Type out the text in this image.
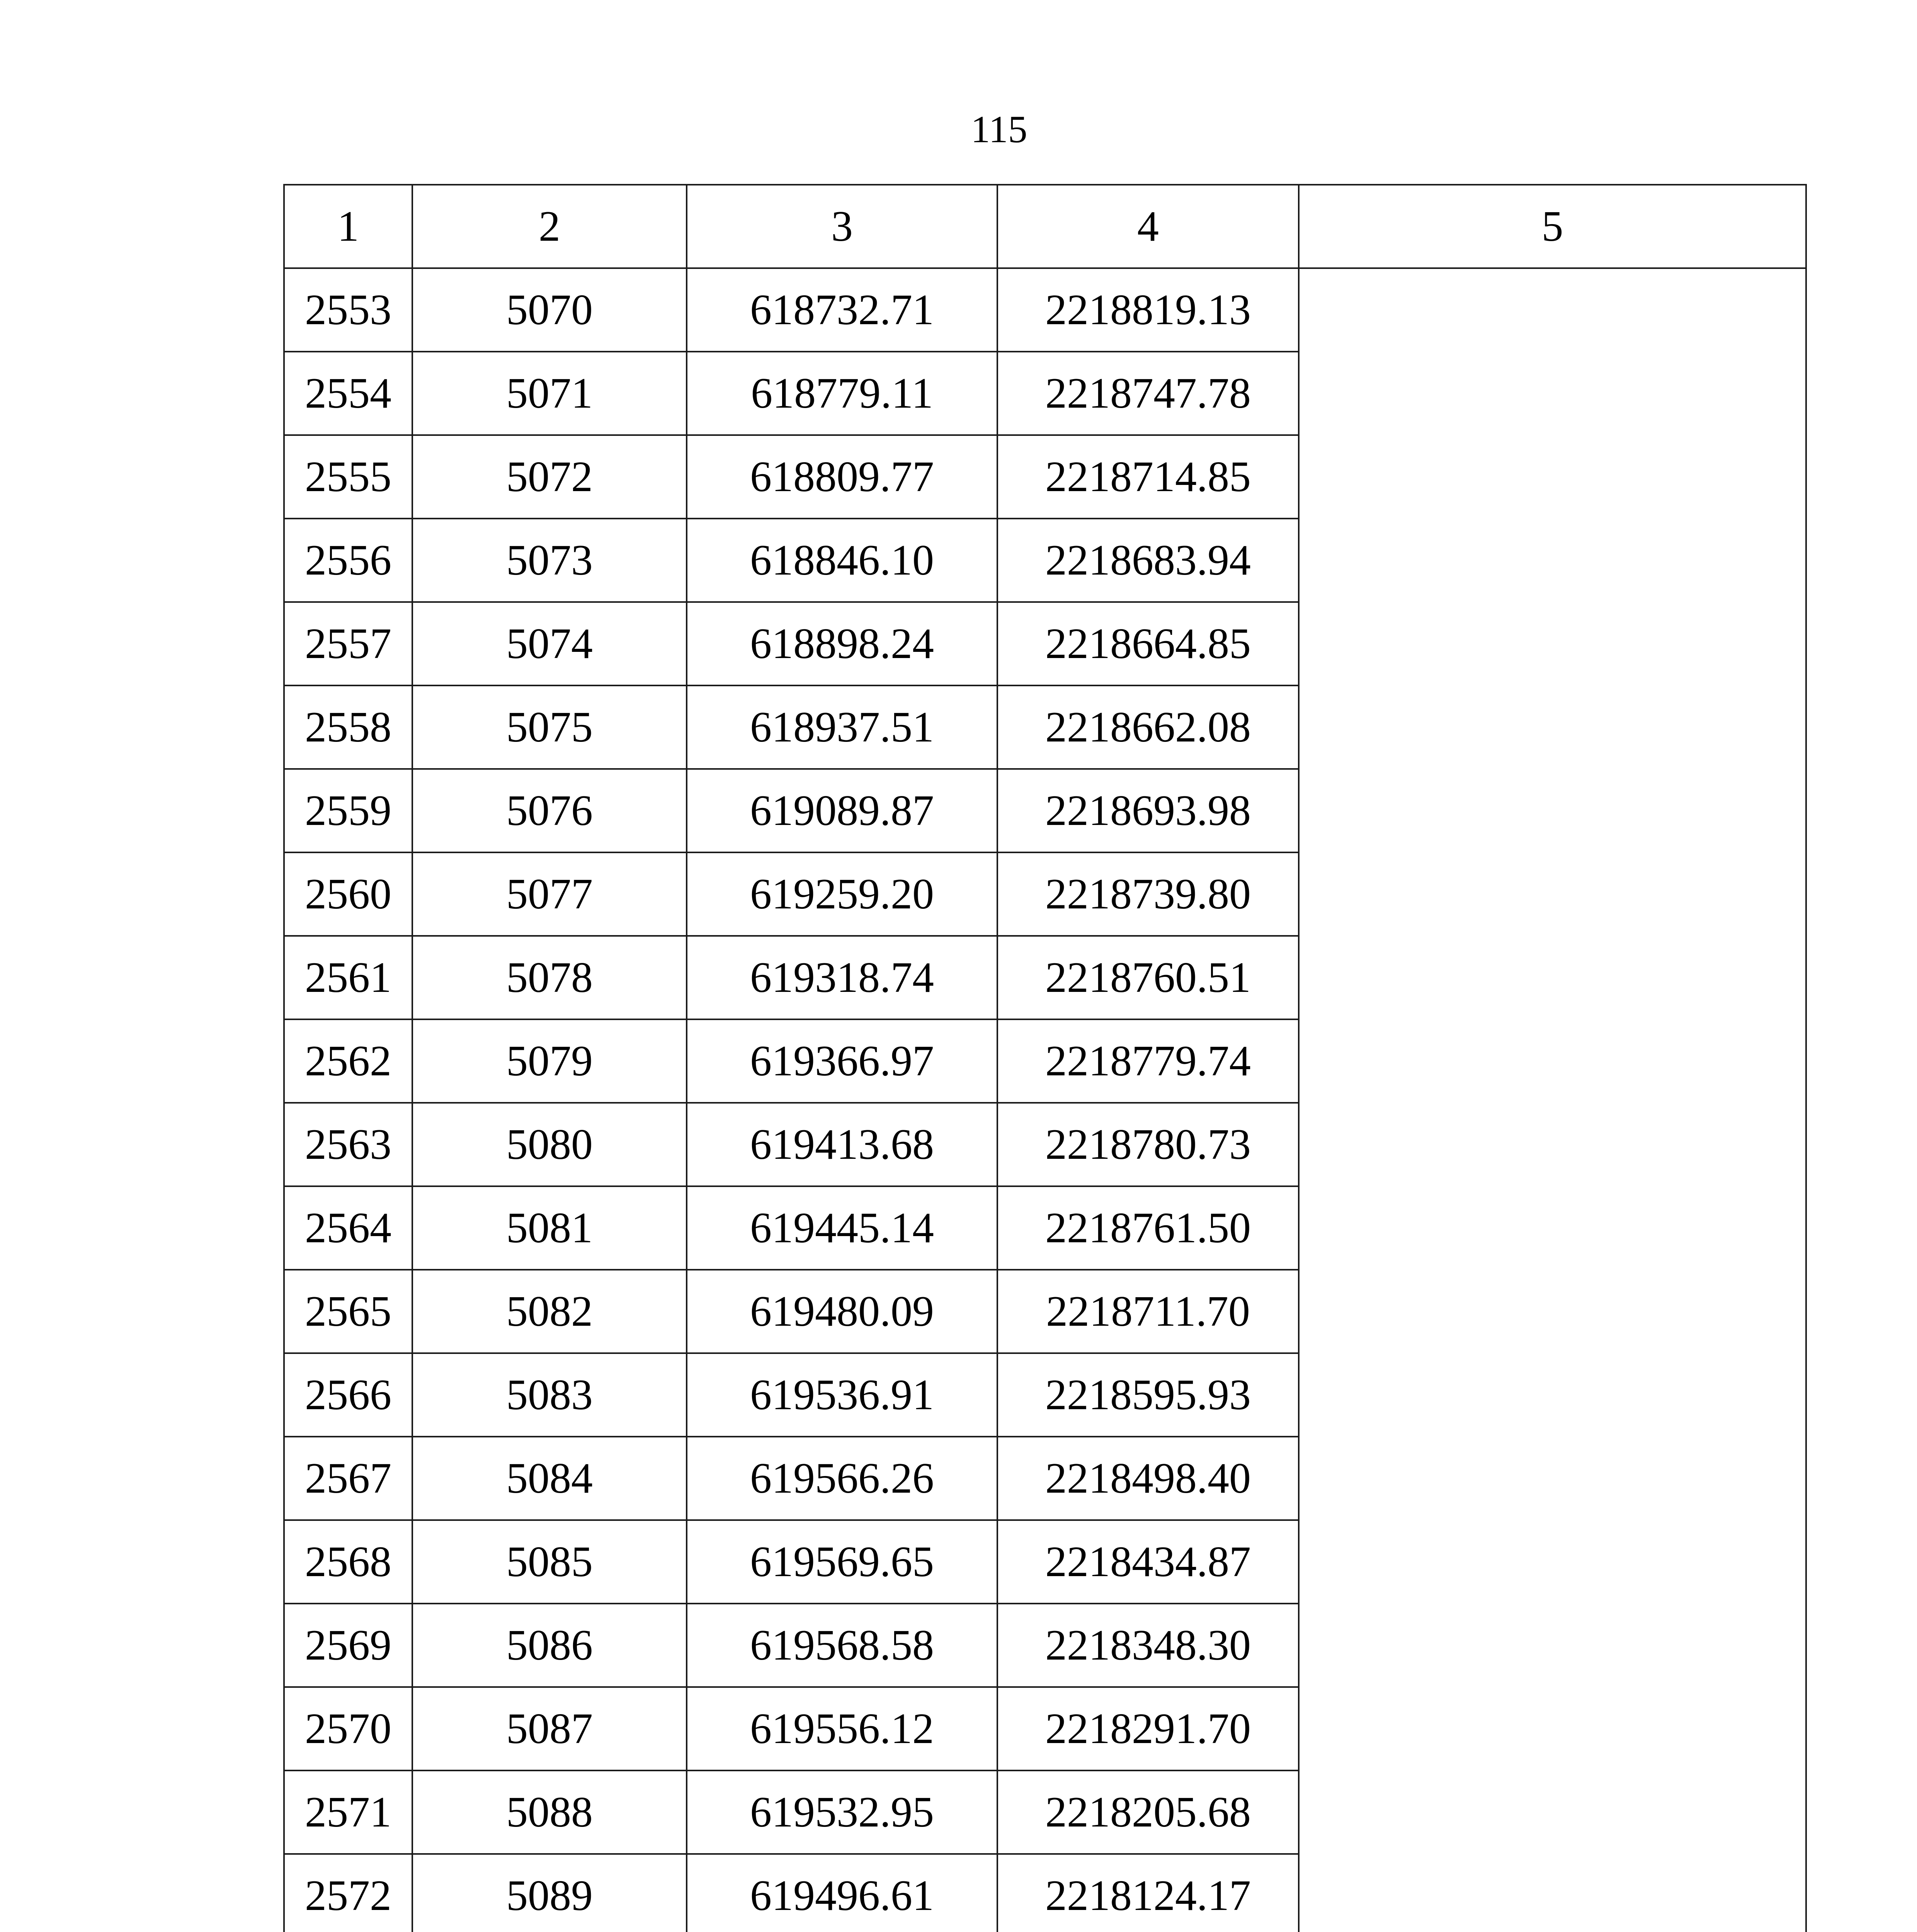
115
1	2	3	4	5
2553	5070	618732.71	2218819.13	
2554	5071	618779.11	2218747.78	
2555	5072	618809.77	2218714.85	
2556	5073	618846.10	2218683.94	
2557	5074	618898.24	2218664.85	
2558	5075	618937.51	2218662.08	
2559	5076	619089.87	2218693.98	
2560	5077	619259.20	2218739.80	
2561	5078	619318.74	2218760.51	
2562	5079	619366.97	2218779.74	
2563	5080	619413.68	2218780.73	
2564	5081	619445.14	2218761.50	
2565	5082	619480.09	2218711.70	
2566	5083	619536.91	2218595.93	
2567	5084	619566.26	2218498.40	
2568	5085	619569.65	2218434.87	
2569	5086	619568.58	2218348.30	
2570	5087	619556.12	2218291.70	
2571	5088	619532.95	2218205.68	
2572	5089	619496.61	2218124.17	
